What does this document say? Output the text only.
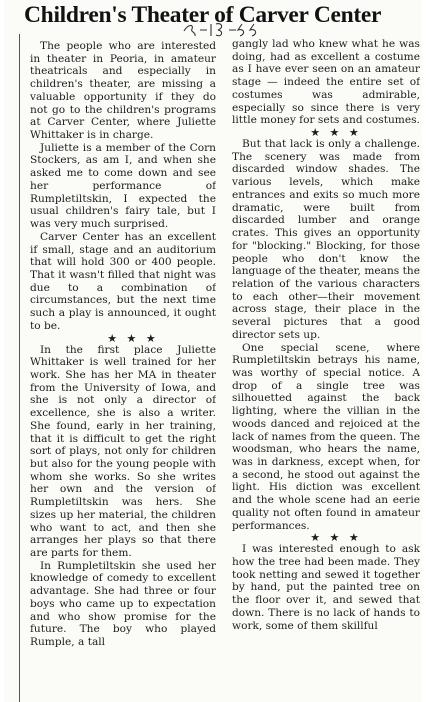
Children's Theater of Carver Center

The people who are interested in theater in Peoria, in amateur theatricals and especially in children's theater, are missing a valuable opportunity if they do not go to the children's programs at Carver Center, where Juliette Whittaker is in charge.

Juliette is a member of the Corn Stockers, as am I, and when she asked me to come down and see her performance of Rumpletiltskin, I expected the usual children's fairy tale, but I was very much surprised.

Carver Center has an excellent if small, stage and an auditorium that will hold 300 or 400 people. That it wasn't filled that night was due to a combination of circumstances, but the next time such a play is announced, it ought to be.

★ ★ ★

In the first place Juliette Whittaker is well trained for her work. She has her MA in theater from the University of Iowa, and she is not only a director of excellence, she is also a writer. She found, early in her training, that it is difficult to get the right sort of plays, not only for children but also for the young people with whom she works. So she writes her own and the version of Rumpletiltskin was hers. She sizes up her material, the children who want to act, and then she arranges her plays so that there are parts for them.

In Rumpletiltskin she used her knowledge of comedy to excellent advantage. She had three or four boys who came up to expectation and who show promise for the future. The boy who played Rumple, a tall

gangly lad who knew what he was doing, had as excellent a costume as I have ever seen on an amateur stage — indeed the entire set of costumes was admirable, especially so since there is very little money for sets and costumes.

★ ★ ★

But that lack is only a challenge. The scenery was made from discarded window shades. The various levels, which make entrances and exits so much more dramatic, were built from discarded lumber and orange crates. This gives an opportunity for "blocking." Blocking, for those people who don't know the language of the theater, means the relation of the various characters to each other—their movement across stage, their place in the several pictures that a good director sets up.

One special scene, where Rumpletiltskin betrays his name, was worthy of special notice. A drop of a single tree was silhouetted against the back lighting, where the villian in the woods danced and rejoiced at the lack of names from the queen. The woodsman, who hears the name, was in darkness, except when, for a second, he stood out against the light. His diction was excellent and the whole scene had an eerie quality not often found in amateur performances.

★ ★ ★

I was interested enough to ask how the tree had been made. They took netting and sewed it together by hand, put the painted tree on the floor over it, and sewed that down. There is no lack of hands to work, some of them skillful
